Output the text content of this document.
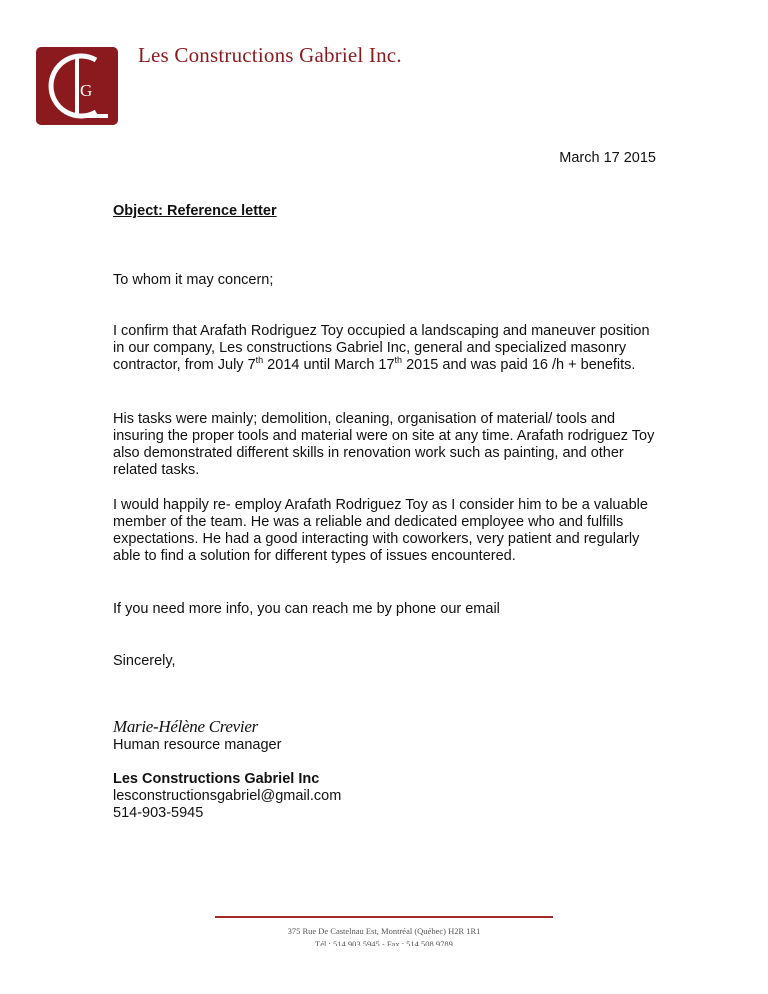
G
Les Constructions Gabriel Inc.
March 17 2015
Object: Reference letter
To whom it may concern;
I confirm that Arafath Rodriguez Toy occupied a landscaping and maneuver position in our company, Les constructions Gabriel Inc, general and specialized masonry contractor, from July 7th 2014 until March 17th 2015 and was paid 16 /h + benefits.
His tasks were mainly; demolition, cleaning, organisation of material/ tools and insuring the proper tools and material were on site at any time. Arafath rodriguez Toy also demonstrated different skills in renovation work such as painting, and other related tasks.
I would happily re- employ Arafath Rodriguez Toy as I consider him to be a valuable member of the team. He was a reliable and dedicated employee who and fulfills expectations. He had a good interacting with coworkers, very patient and regularly able to find a solution for different types of issues encountered.
If you need more info, you can reach me by phone our email
Sincerely,
Marie-Hélène Crevier
Human resource manager
Les Constructions Gabriel Inc
lesconstructionsgabriel@gmail.com
514-903-5945
375 Rue De Castelnau Est, Montréal (Québec) H2R 1R1
Tél : 514 903 5945 - Fax : 514 508 9789
